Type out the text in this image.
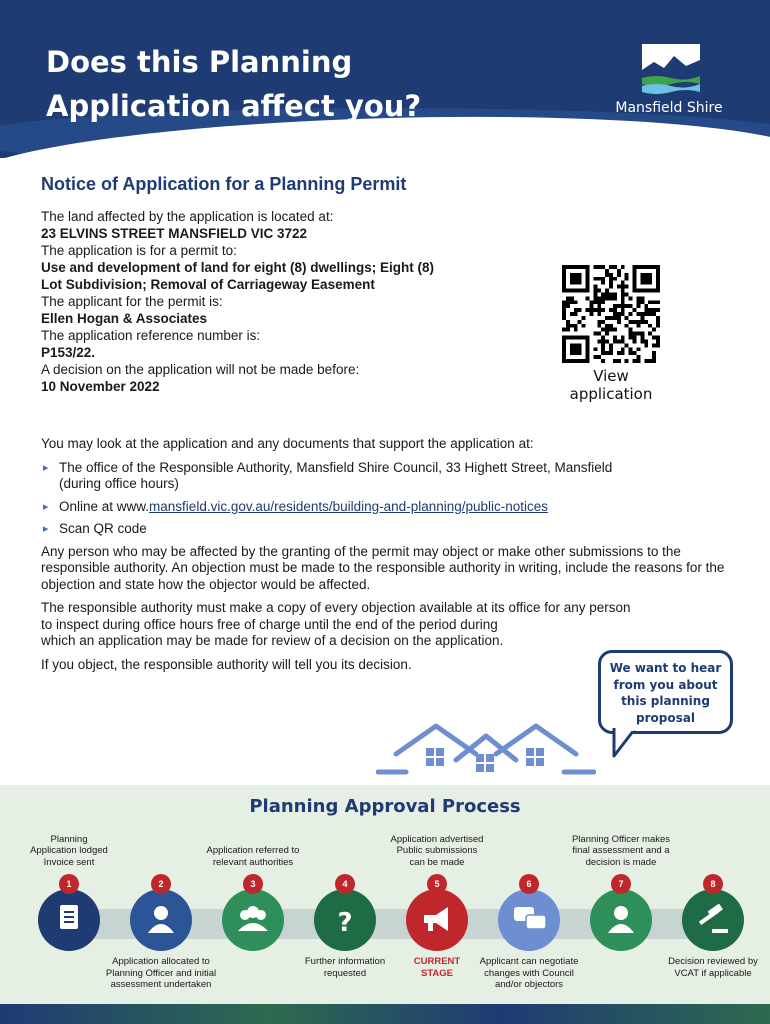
Does this Planning
Application affect you?	Mansfield Shire
Notice of Application for a Planning Permit
The land affected by the application is located at:
23 ELVINS STREET MANSFIELD VIC 3722
The application is for a permit to:
Use and development of land for eight (8) dwellings; Eight (8)
Lot Subdivision; Removal of Carriageway Easement
The applicant for the permit is:
Ellen Hogan & Associates
The application reference number is:
P153/22.
A decision on the application will not be made before:
10 November 2022
View
application

You may look at the application and any documents that support the application at:

▸ The office of the Responsible Authority, Mansfield Shire Council, 33 Highett Street, Mansfield
(during office hours)
▸ Online at www.mansfield.vic.gov.au/residents/building-and-planning/public-notices
▸ Scan QR code

Any person who may be affected by the granting of the permit may object or make other submissions to the responsible authority. An objection must be made to the responsible authority in writing, include the reasons for the objection and state how the objector would be affected.

The responsible authority must make a copy of every objection available at its office for any person
to inspect during office hours free of charge until the end of the period during
which an application may be made for review of a decision on the application.

If you object, the responsible authority will tell you its decision.	We want to hear
from you about
this planning
proposal
Planning Approval Process
1
Planning
Application lodged
Invoice sent
2
Application allocated to
Planning Officer and initial
assessment undertaken
3
Application referred to
relevant authorities
?
4
Further information
requested
5
Application advertised
Public submissions
can be made
CURRENT
STAGE
6
Applicant can negotiate
changes with Council
and/or objectors
7
Planning Officer makes
final assessment and a
decision is made
8
Decision reviewed by
VCAT if applicable
